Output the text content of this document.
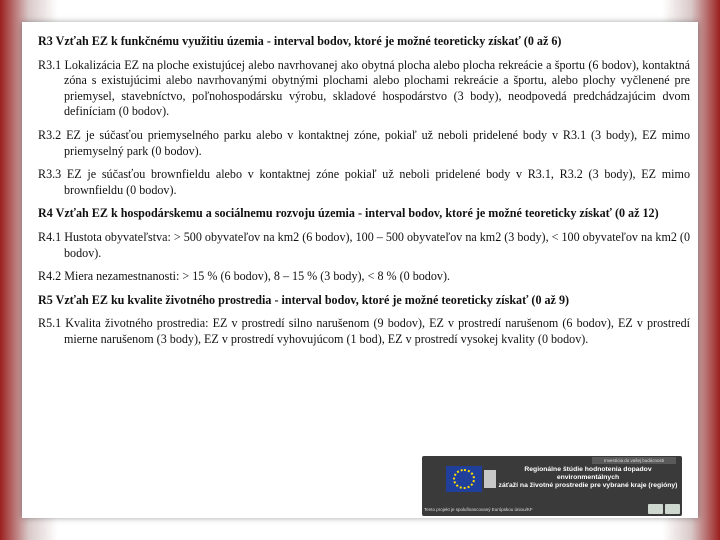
R3 Vzťah EZ k funkčnému využitiu územia - interval bodov, ktoré je možné teoreticky získať (0 až 6)

R3.1 Lokalizácia EZ na ploche existujúcej alebo navrhovanej ako obytná plocha alebo plocha rekreácie a športu (6 bodov), kontaktná zóna s existujúcimi alebo navrhovanými obytnými plochami alebo plochami rekreácie a športu, alebo plochy vyčlenené pre priemysel, stavebníctvo, poľnohospodársku výrobu, skladové hospodárstvo (3 body), neodpovedá predchádzajúcim dvom definíciam (0 bodov).

R3.2 EZ je súčasťou priemyselného parku alebo v kontaktnej zóne, pokiaľ už neboli pridelené body v R3.1 (3 body), EZ mimo priemyselný park (0 bodov).

R3.3 EZ je súčasťou brownfieldu alebo v kontaktnej zóne pokiaľ už neboli pridelené body v R3.1, R3.2 (3 body), EZ mimo brownfieldu (0 bodov).

R4 Vzťah EZ k hospodárskemu a sociálnemu rozvoju územia - interval bodov, ktoré je možné teoreticky získať (0 až 12)

R4.1 Hustota obyvateľstva: > 500 obyvateľov na km2 (6 bodov), 100 – 500 obyvateľov na km2 (3 body), < 100 obyvateľov na km2 (0 bodov).

R4.2 Miera nezamestnanosti: > 15 % (6 bodov), 8 – 15 % (3 body), < 8 % (0 bodov).

R5 Vzťah EZ ku kvalite životného prostredia - interval bodov, ktoré je možné teoreticky získať (0 až 9)

R5.1 Kvalita životného prostredia: EZ v prostredí silno narušenom (9 bodov), EZ v prostredí narušenom (6 bodov), EZ v prostredí mierne narušenom (3 body), EZ v prostredí vyhovujúcom (1 bod), EZ v prostredí vysokej kvality (0 bodov).

Investícia do vašej budúcnosti
Regionálne štúdie hodnotenia dopadov environmentálnych
záťaží na životné prostredie pre vybrané kraje (regióny)
Tento projekt je spolufinancovaný Európskou úniou/KF
